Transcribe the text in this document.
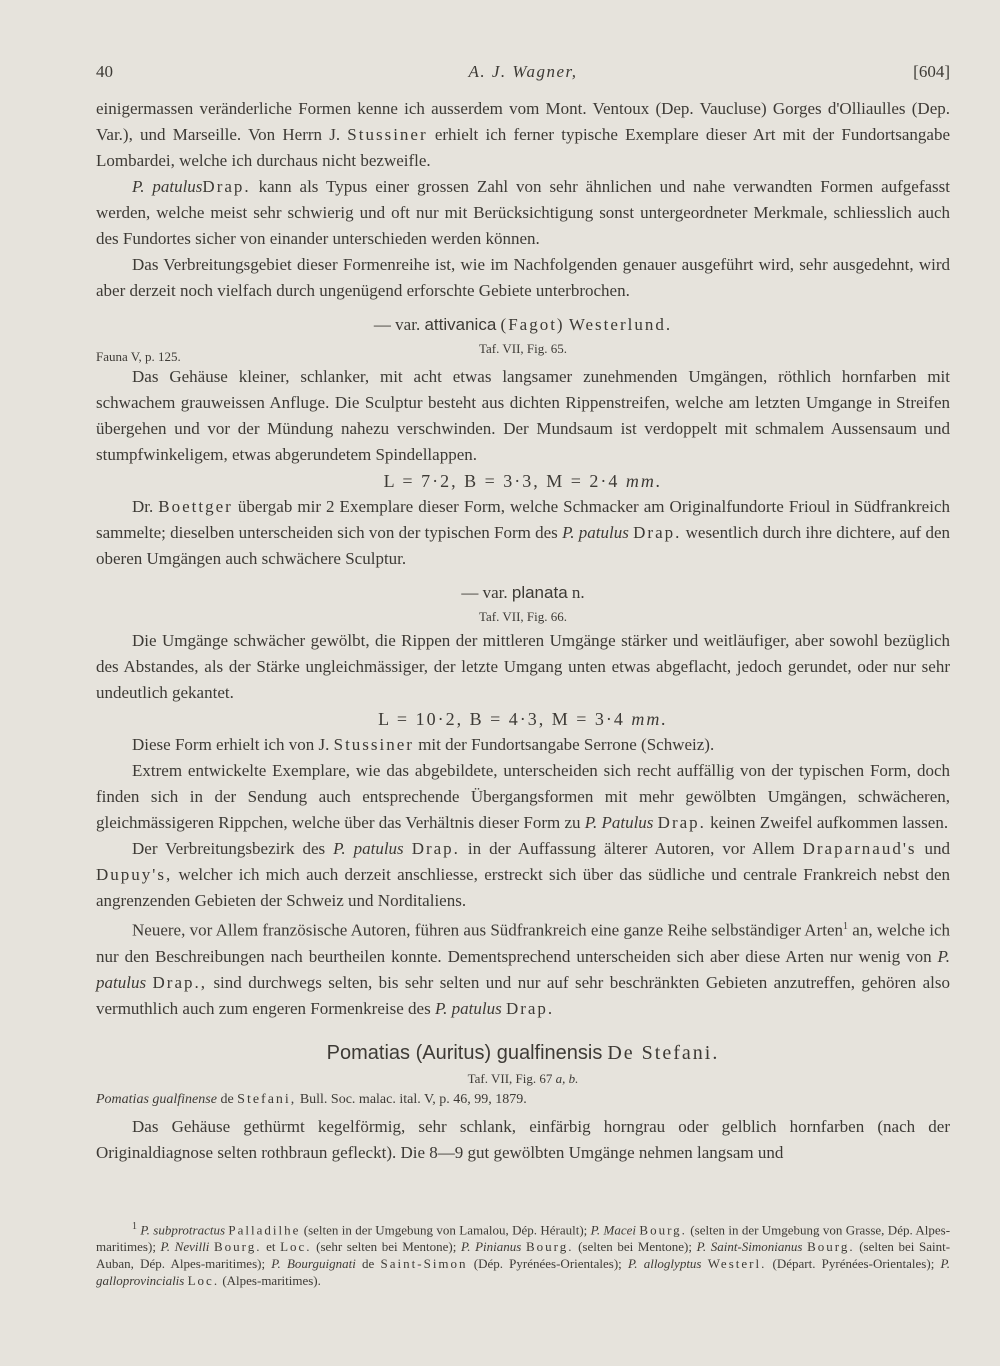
40	A. J. Wagner,	[604]

einigermassen veränderliche Formen kenne ich ausserdem vom Mont. Ventoux (Dep. Vaucluse) Gorges d'Olliaulles (Dep. Var.), und Marseille. Von Herrn J. Stussiner erhielt ich ferner typische Exemplare dieser Art mit der Fundortsangabe Lombardei, welche ich durchaus nicht bezweifle.

P. patulusDrap. kann als Typus einer grossen Zahl von sehr ähnlichen und nahe verwandten Formen aufgefasst werden, welche meist sehr schwierig und oft nur mit Berücksichtigung sonst untergeordneter Merkmale, schliesslich auch des Fundortes sicher von einander unterschieden werden können.

Das Verbreitungsgebiet dieser Formenreihe ist, wie im Nachfolgenden genauer ausgeführt wird, sehr ausgedehnt, wird aber derzeit noch vielfach durch ungenügend erforschte Gebiete unterbrochen.

— var. attivanica (Fagot) Westerlund.
Taf. VII, Fig. 65.
Fauna V, p. 125.

Das Gehäuse kleiner, schlanker, mit acht etwas langsamer zunehmenden Umgängen, röthlich hornfarben mit schwachem grauweissen Anfluge. Die Sculptur besteht aus dichten Rippenstreifen, welche am letzten Umgange in Streifen übergehen und vor der Mündung nahezu verschwinden. Der Mundsaum ist verdoppelt mit schmalem Aussensaum und stumpfwinkeligem, etwas abgerundetem Spindellappen.

L = 7·2, B = 3·3, M = 2·4 mm.

Dr. Boettger übergab mir 2 Exemplare dieser Form, welche Schmacker am Originalfundorte Frioul in Südfrankreich sammelte; dieselben unterscheiden sich von der typischen Form des P. patulus Drap. wesentlich durch ihre dichtere, auf den oberen Umgängen auch schwächere Sculptur.

— var. planata n.
Taf. VII, Fig. 66.

Die Umgänge schwächer gewölbt, die Rippen der mittleren Umgänge stärker und weitläufiger, aber sowohl bezüglich des Abstandes, als der Stärke ungleichmässiger, der letzte Umgang unten etwas abgeflacht, jedoch gerundet, oder nur sehr undeutlich gekantet.

L = 10·2, B = 4·3, M = 3·4 mm.

Diese Form erhielt ich von J. Stussiner mit der Fundortsangabe Serrone (Schweiz).

Extrem entwickelte Exemplare, wie das abgebildete, unterscheiden sich recht auffällig von der typischen Form, doch finden sich in der Sendung auch entsprechende Übergangsformen mit mehr gewölbten Umgängen, schwächeren, gleichmässigeren Rippchen, welche über das Verhältnis dieser Form zu P. Patulus Drap. keinen Zweifel aufkommen lassen.

Der Verbreitungsbezirk des P. patulus Drap. in der Auffassung älterer Autoren, vor Allem Draparnaud's und Dupuy's, welcher ich mich auch derzeit anschliesse, erstreckt sich über das südliche und centrale Frankreich nebst den angrenzenden Gebieten der Schweiz und Norditaliens.

Neuere, vor Allem französische Autoren, führen aus Südfrankreich eine ganze Reihe selbständiger Arten$^1$ an, welche ich nur den Beschreibungen nach beurtheilen konnte. Dementsprechend unterscheiden sich aber diese Arten nur wenig von P. patulus Drap., sind durchwegs selten, bis sehr selten und nur auf sehr beschränkten Gebieten anzutreffen, gehören also vermuthlich auch zum engeren Formenkreise des P. patulus Drap.

Pomatias (Auritus) gualfinensis De Stefani.
Taf. VII, Fig. 67 a, b.
Pomatias gualfinense de Stefani, Bull. Soc. malac. ital. V, p. 46, 99, 1879.

Das Gehäuse gethürmt kegelförmig, sehr schlank, einfärbig horngrau oder gelblich hornfarben (nach der Originaldiagnose selten rothbraun gefleckt). Die 8—9 gut gewölbten Umgänge nehmen langsam und

$^1$ P. subprotractus Palladilhe (selten in der Umgebung von Lamalou, Dép. Hérault); P. Macei Bourg. (selten in der Umgebung von Grasse, Dép. Alpes-maritimes); P. Nevilli Bourg. et Loc. (sehr selten bei Mentone); P. Pinianus Bourg. (selten bei Mentone); P. Saint-Simonianus Bourg. (selten bei Saint-Auban, Dép. Alpes-maritimes); P. Bourguignati de Saint-Simon (Dép. Pyrénées-Orientales); P. alloglyptus Westerl. (Départ. Pyrénées-Orientales); P. galloprovincialis Loc. (Alpes-maritimes).
